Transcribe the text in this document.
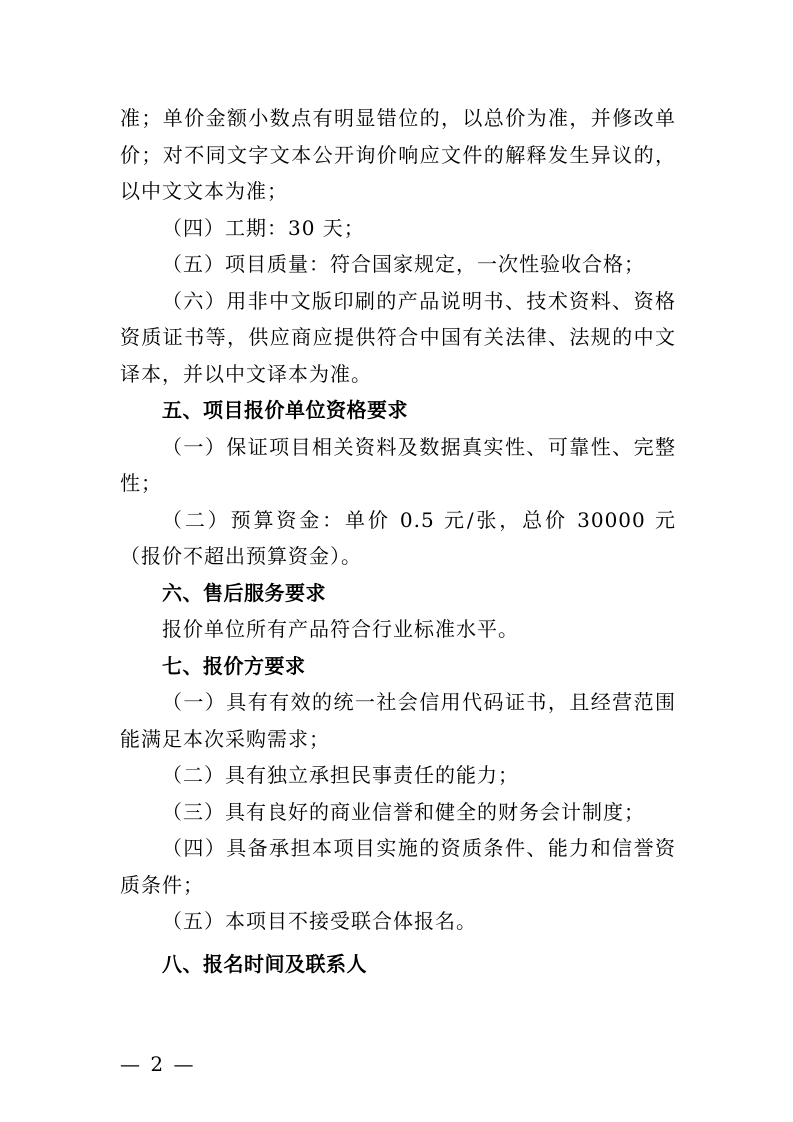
准；单价金额小数点有明显错位的，以总价为准，并修改单价；对不同文字文本公开询价响应文件的解释发生异议的，以中文文本为准；

（四）工期：30 天；

（五）项目质量：符合国家规定，一次性验收合格；

（六）用非中文版印刷的产品说明书、技术资料、资格资质证书等，供应商应提供符合中国有关法律、法规的中文译本，并以中文译本为准。

五、项目报价单位资格要求

（一）保证项目相关资料及数据真实性、可靠性、完整性；

（二）预算资金：单价 0.5 元/张，总价 30000 元（报价不超出预算资金）。

六、售后服务要求

报价单位所有产品符合行业标准水平。

七、报价方要求

（一）具有有效的统一社会信用代码证书，且经营范围能满足本次采购需求；

（二）具有独立承担民事责任的能力；

（三）具有良好的商业信誉和健全的财务会计制度；

（四）具备承担本项目实施的资质条件、能力和信誉资质条件；

（五）本项目不接受联合体报名。

八、报名时间及联系人

— 2 —
